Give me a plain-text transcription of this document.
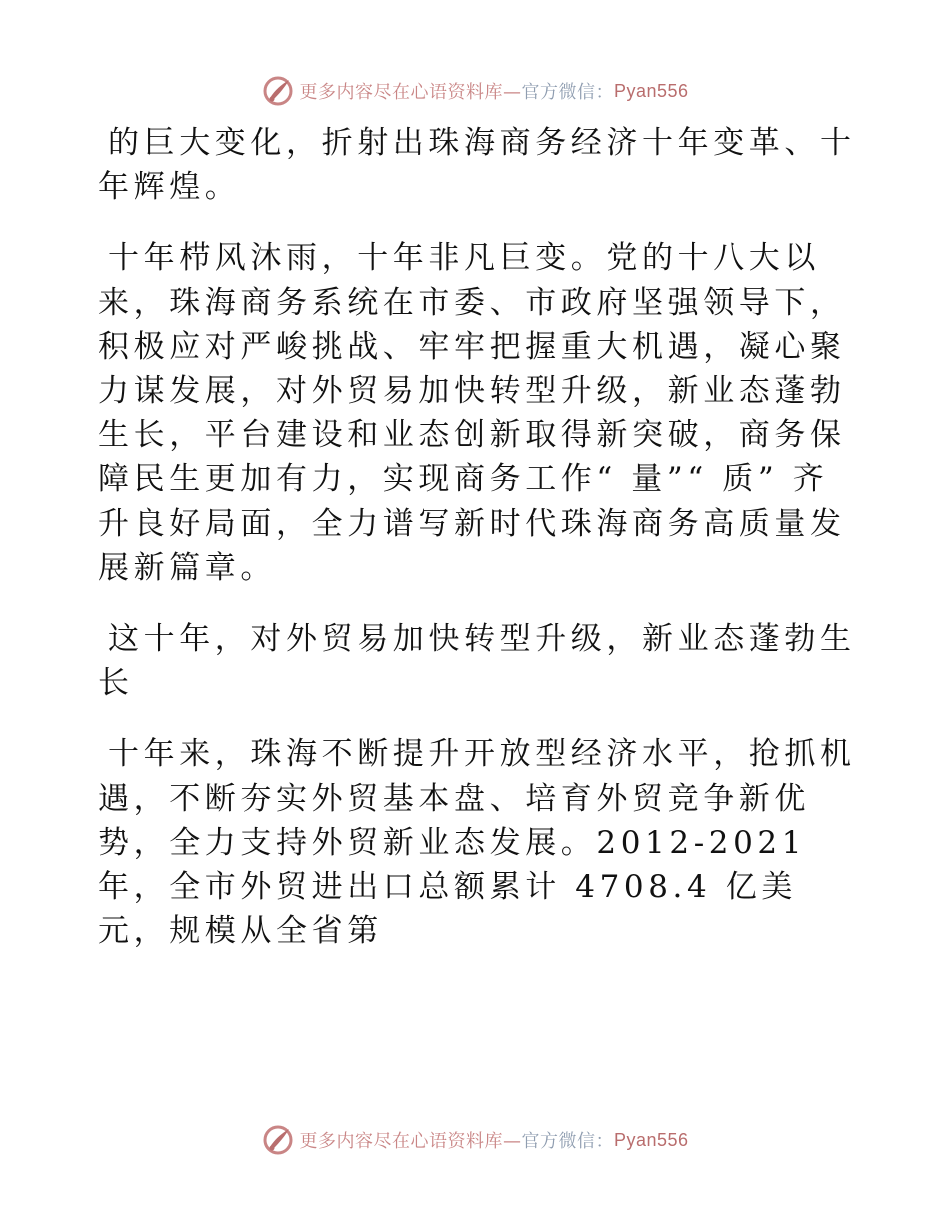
更多内容尽在心语资料库— 官方微信： Pyan556

的巨大变化，折射出珠海商务经济十年变革、十年辉煌。

十年栉风沐雨，十年非凡巨变。党的十八大以来，珠海商务系统在市委、市政府坚强领导下，积极应对严峻挑战、牢牢把握重大机遇，凝心聚力谋发展，对外贸易加快转型升级，新业态蓬勃生长，平台建设和业态创新取得新突破，商务保障民生更加有力，实现商务工作“ 量”“ 质” 齐升良好局面，全力谱写新时代珠海商务高质量发展新篇章。

这十年，对外贸易加快转型升级，新业态蓬勃生长

十年来，珠海不断提升开放型经济水平，抢抓机遇，不断夯实外贸基本盘、培育外贸竞争新优势，全力支持外贸新业态发展。2012-2021 年，全市外贸进出口总额累计 4708.4 亿美元，规模从全省第

更多内容尽在心语资料库— 官方微信： Pyan556
